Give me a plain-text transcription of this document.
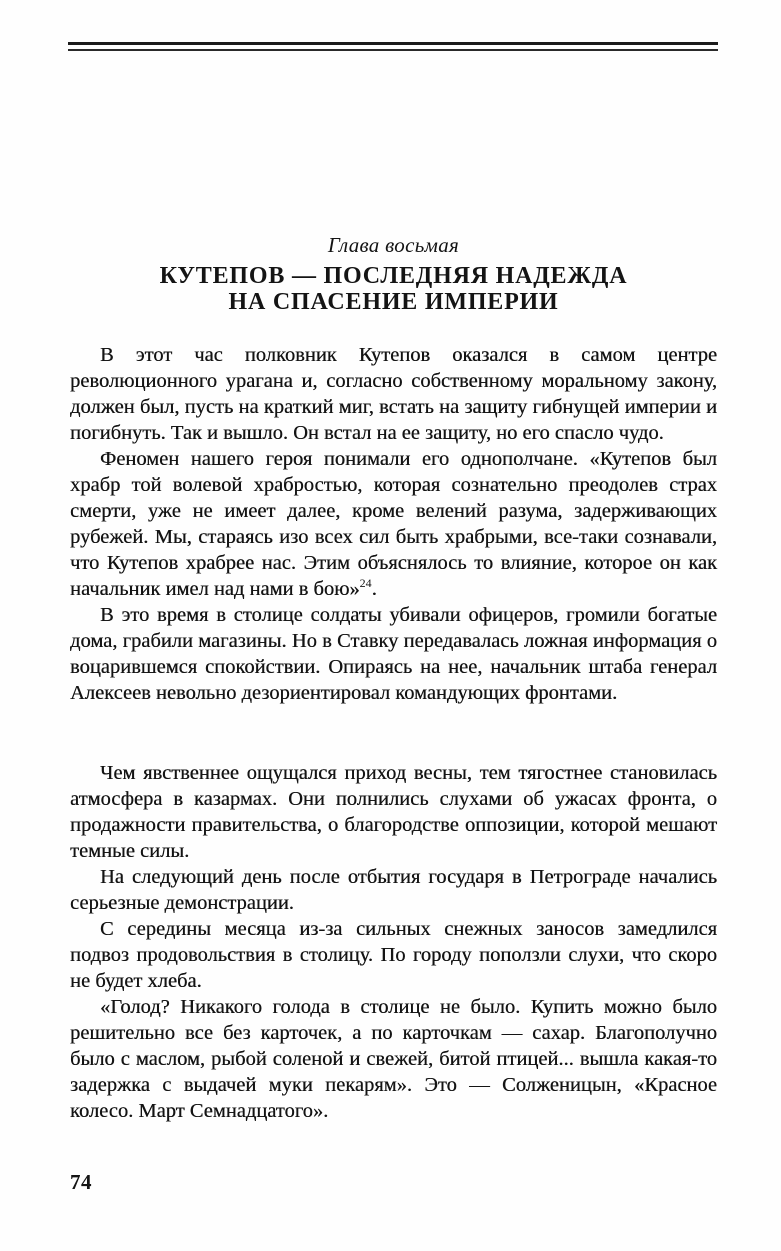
Глава восьмая
КУТЕПОВ — ПОСЛЕДНЯЯ НАДЕЖДА
НА СПАСЕНИЕ ИМПЕРИИ

В этот час полковник Кутепов оказался в самом центре революционного урагана и, согласно собственному моральному закону, должен был, пусть на краткий миг, встать на защиту гибнущей империи и погибнуть. Так и вышло. Он встал на ее защиту, но его спасло чудо.

Феномен нашего героя понимали его однополчане. «Кутепов был храбр той волевой храбростью, которая сознательно преодолев страх смерти, уже не имеет далее, кроме велений разума, задерживающих рубежей. Мы, стараясь изо всех сил быть храбрыми, все-таки сознавали, что Кутепов храбрее нас. Этим объяснялось то влияние, которое он как начальник имел над нами в бою»$^{24}$.

В это время в столице солдаты убивали офицеров, громили богатые дома, грабили магазины. Но в Ставку передавалась ложная информация о воцарившемся спокойствии. Опираясь на нее, начальник штаба генерал Алексеев невольно дезориентировал командующих фронтами.

Чем явственнее ощущался приход весны, тем тягостнее становилась атмосфера в казармах. Они полнились слухами об ужасах фронта, о продажности правительства, о благородстве оппозиции, которой мешают темные силы.

На следующий день после отбытия государя в Петрограде начались серьезные демонстрации.

С середины месяца из-за сильных снежных заносов замедлился подвоз продовольствия в столицу. По городу поползли слухи, что скоро не будет хлеба.

«Голод? Никакого голода в столице не было. Купить можно было решительно все без карточек, а по карточкам — сахар. Благополучно было с маслом, рыбой соленой и свежей, битой птицей... вышла какая-то задержка с выдачей муки пекарям». Это — Солженицын, «Красное колесо. Март Семнадцатого».

74
